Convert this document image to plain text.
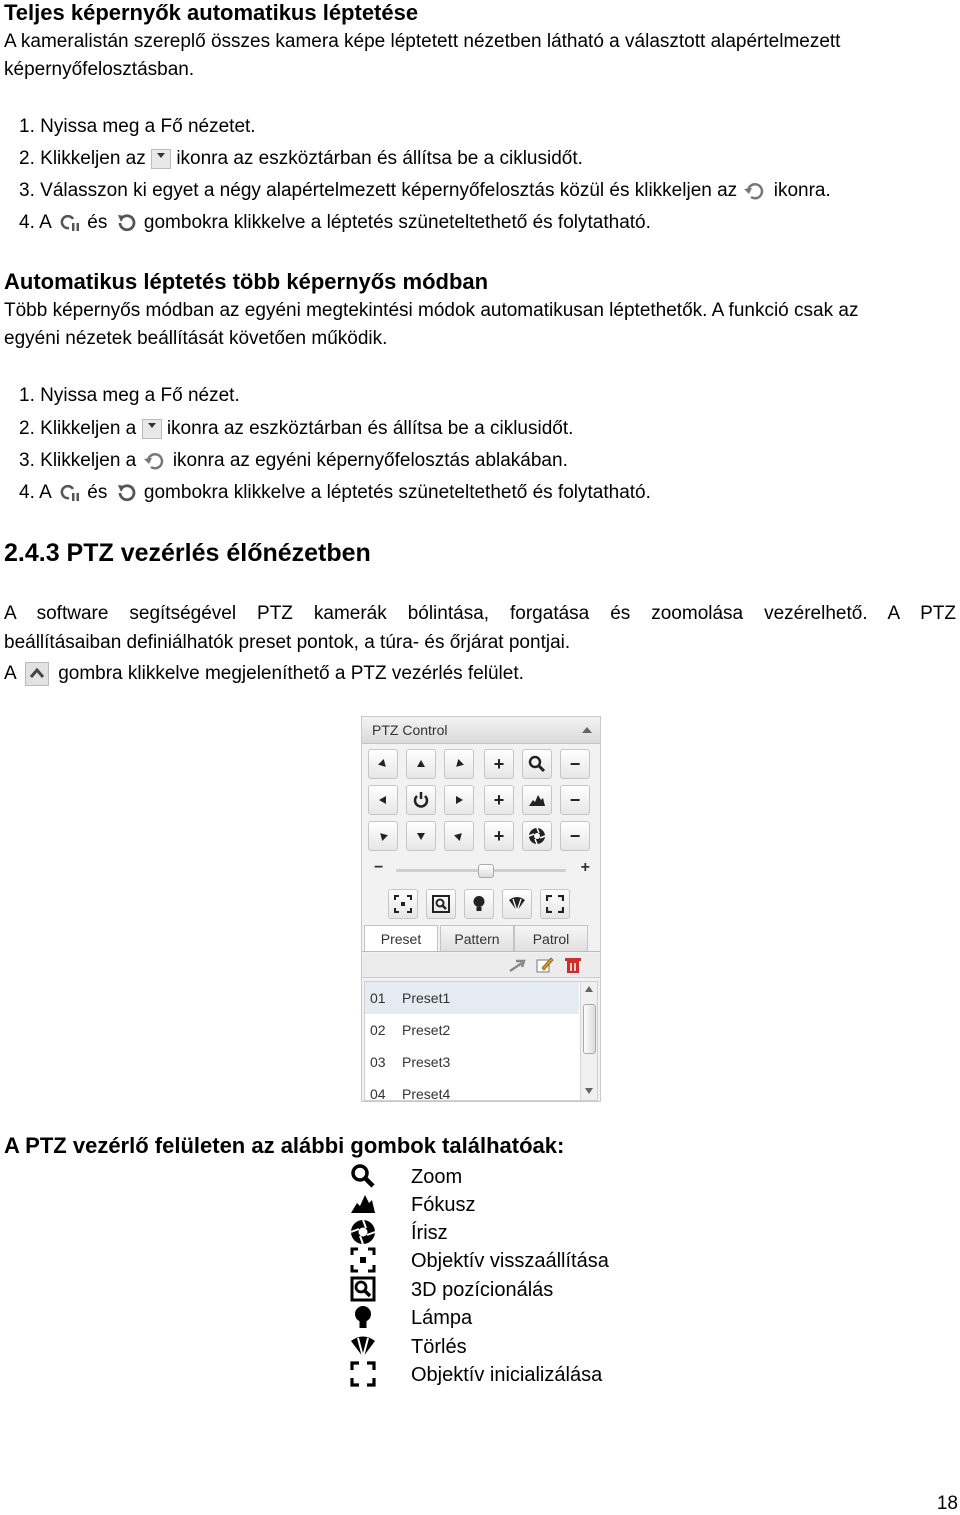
Teljes képernyők automatikus léptetése
A kameralistán szereplő összes kamera képe léptetett nézetben látható a választott alapértelmezett
képernyőfelosztásban.
1. Nyissa meg a Fő nézetet.
2. Klikkeljen az ikonra az eszköztárban és állítsa be a ciklusidőt.
3. Válasszon ki egyet a négy alapértelmezett képernyőfelosztás közül és klikkeljen az ikonra.
4. A és gombokra klikkelve a léptetés szüneteltethető és folytatható.
Automatikus léptetés több képernyős módban
Több képernyős módban az egyéni megtekintési módok automatikusan léptethetők. A funkció csak az
egyéni nézetek beállítását követően működik.
1. Nyissa meg a Fő nézet.
2. Klikkeljen a ikonra az eszköztárban és állítsa be a ciklusidőt.
3. Klikkeljen a ikonra az egyéni képernyőfelosztás ablakában.
4. A és gombokra klikkelve a léptetés szüneteltethető és folytatható.
2.4.3 PTZ vezérlés élőnézetben
A software segítségével PTZ kamerák bólintása, forgatása és zoomolása vezérelhető. A PTZ
beállításaiban definiálhatók preset pontok, a túra- és őrjárat pontjai.
A gombra klikkelve megjeleníthető a PTZ vezérlés felület.
PTZ Control
+	−
+	−
+	−
−	+
Preset	Pattern	Patrol
01 Preset1
02 Preset2
03 Preset3
04 Preset4
A PTZ vezérlő felületen az alábbi gombok találhatóak:
Zoom
Fókusz
Írisz
Objektív visszaállítása
3D pozícionálás
Lámpa
Törlés
Objektív inicializálása
18
